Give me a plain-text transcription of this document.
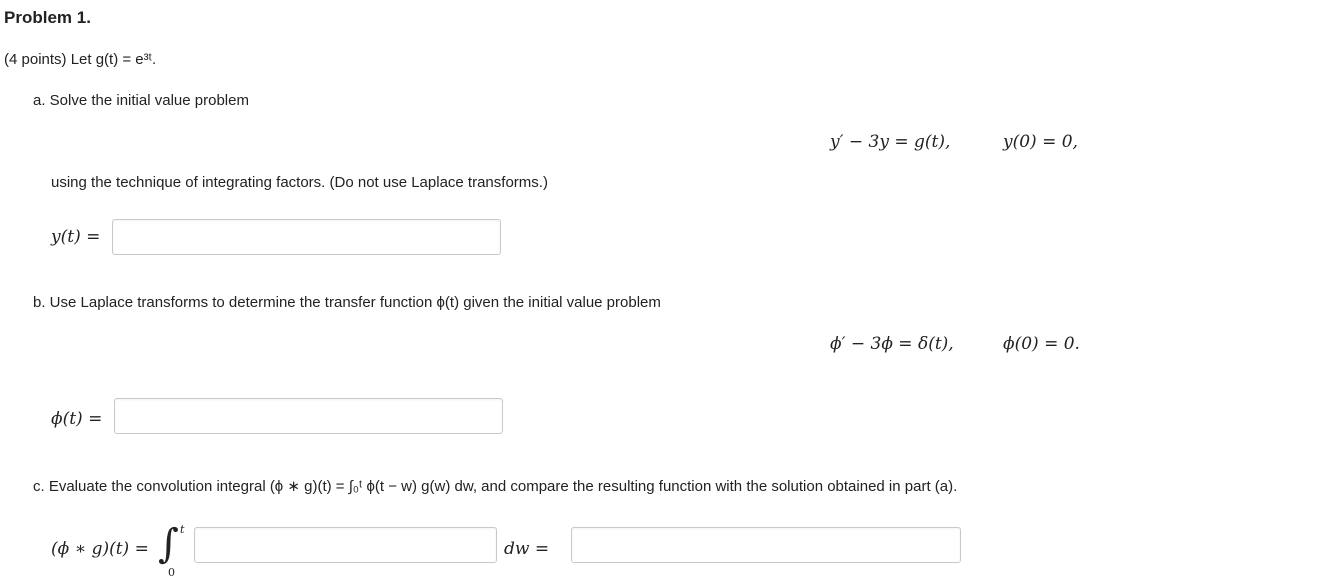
Problem 1.
(4 points) Let g(t) = e³ᵗ.
a. Solve the initial value problem
y′ − 3y = g(t),	y(0) = 0,
using the technique of integrating factors. (Do not use Laplace transforms.)
y(t) =
b. Use Laplace transforms to determine the transfer function ϕ(t) given the initial value problem
ϕ′ − 3ϕ = δ(t),	ϕ(0) = 0.
ϕ(t) =
c. Evaluate the convolution integral (ϕ ∗ g)(t) = ∫₀ᵗ ϕ(t − w) g(w) dw, and compare the resulting function with the solution obtained in part (a).
(ϕ ∗ g)(t) = ∫ t
0
dw =
